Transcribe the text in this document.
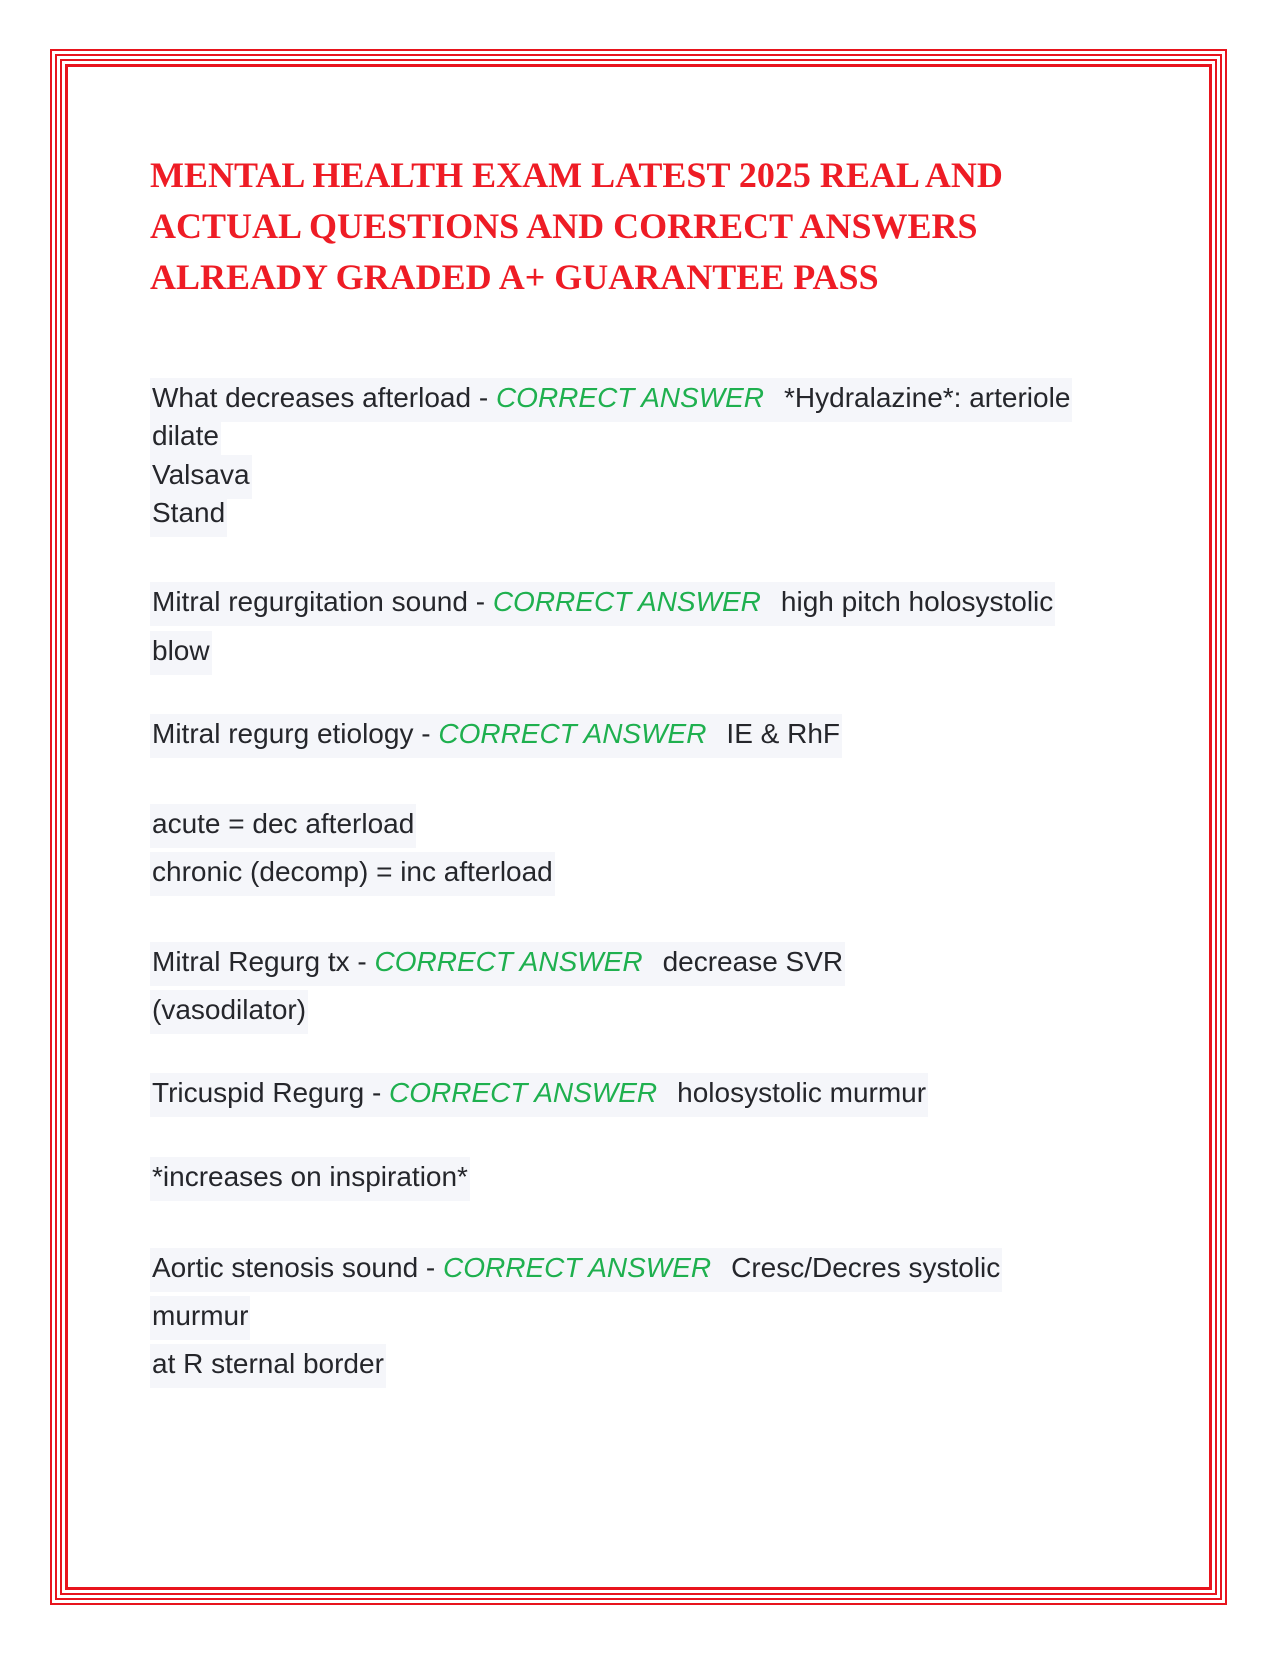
MENTAL HEALTH EXAM LATEST 2025 REAL AND
ACTUAL QUESTIONS AND CORRECT ANSWERS
ALREADY GRADED A+ GUARANTEE PASS
What decreases afterload - CORRECT ANSWER *Hydralazine*: arteriole
dilate
Valsava
Stand
Mitral regurgitation sound - CORRECT ANSWER high pitch holosystolic
blow
Mitral regurg etiology - CORRECT ANSWER IE & RhF
acute = dec afterload
chronic (decomp) = inc afterload
Mitral Regurg tx - CORRECT ANSWER decrease SVR
(vasodilator)
Tricuspid Regurg - CORRECT ANSWER holosystolic murmur
*increases on inspiration*
Aortic stenosis sound - CORRECT ANSWER Cresc/Decres systolic
murmur
at R sternal border
